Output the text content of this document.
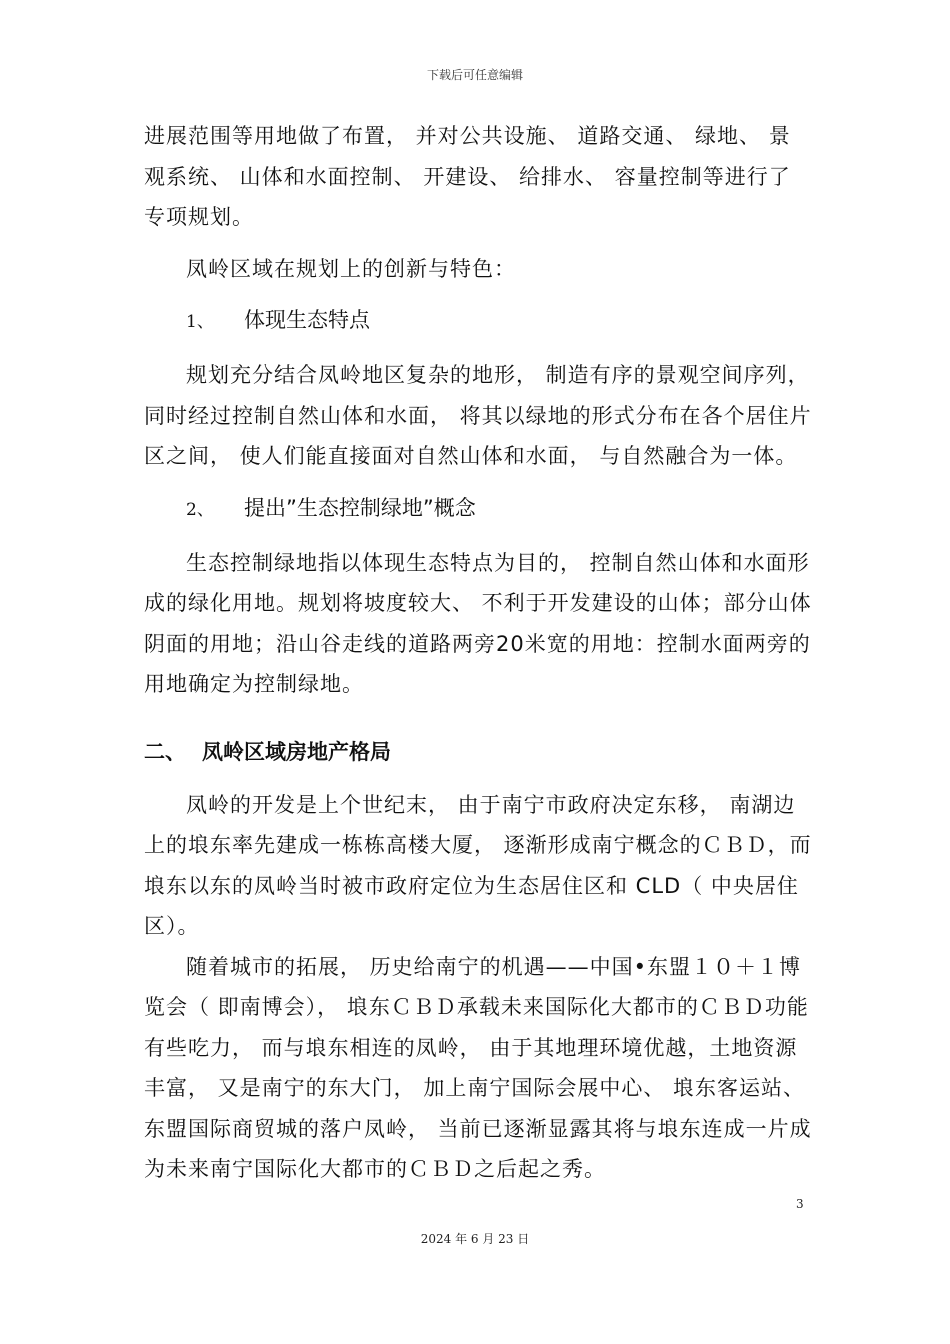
下载后可任意编辑

进展范围等用地做了布置， 并对公共设施、 道路交通、 绿地、 景观系统、 山体和水面控制、 开建设、 给排水、 容量控制等进行了专项规划。

凤岭区域在规划上的创新与特色：

1、 体现生态特点

规划充分结合凤岭地区复杂的地形， 制造有序的景观空间序列， 同时经过控制自然山体和水面， 将其以绿地的形式分布在各个居住片区之间， 使人们能直接面对自然山体和水面， 与自然融合为一体。

2、 提出”生态控制绿地”概念

生态控制绿地指以体现生态特点为目的， 控制自然山体和水面形成的绿化用地。规划将坡度较大、 不利于开发建设的山体；部分山体阴面的用地；沿山谷走线的道路两旁20米宽的用地：控制水面两旁的用地确定为控制绿地。

二、 凤岭区域房地产格局

凤岭的开发是上个世纪末， 由于南宁市政府决定东移， 南湖边上的埌东率先建成一栋栋高楼大厦， 逐渐形成南宁概念的ＣＢＤ，而埌东以东的凤岭当时被市政府定位为生态居住区和 CLD（ 中央居住区）。

随着城市的拓展， 历史给南宁的机遇——中国•东盟１０＋１博览会（ 即南博会）， 埌东ＣＢＤ承载未来国际化大都市的ＣＢＤ功能有些吃力， 而与埌东相连的凤岭， 由于其地理环境优越，土地资源丰富， 又是南宁的东大门， 加上南宁国际会展中心、 埌东客运站、 东盟国际商贸城的落户凤岭， 当前已逐渐显露其将与埌东连成一片成为未来南宁国际化大都市的ＣＢＤ之后起之秀。

3
2024 年 6 月 23 日
